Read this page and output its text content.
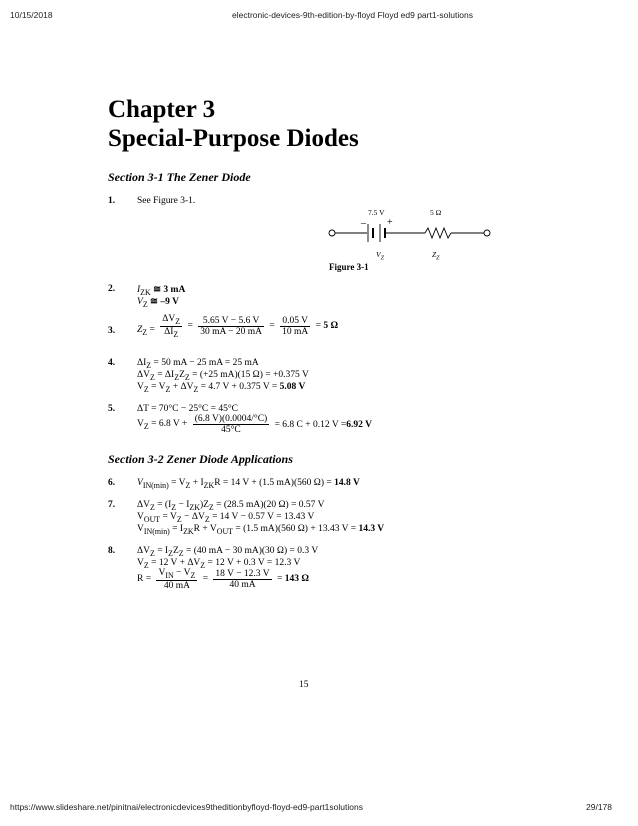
10/15/2018	electronic-devices-9th-edition-by-floyd Floyd ed9 part1-solutions
Chapter 3
Special-Purpose Diodes
Section 3-1 The Zener Diode
1. See Figure 3-1.
7.5 V	5 Ω
– +
$V_Z$	$Z_Z$
Figure 3-1
2. $I_{ZK}$ ≅ 3 mA
$V_Z$ ≅ –9 V
3. $Z_Z$ =
$\Delta V_Z$
$\Delta I_Z$
= $\frac{5.65 V - 5.6 V}{30 mA - 20 mA} = \frac{0.05 V}{10 mA} = 5$ Ω
4. $\Delta I_Z = 50$ mA − 25 mA = 25 mA
$\Delta V_Z = \Delta I_ZZ_Z = (+25$ mA)(15 Ω) = +0.375 V
$V_Z = V_Z + \Delta V_Z = 4.7$ V + 0.375 V = 5.08 V
5. ΔT = 70°C − 25°C = 45°C
$V_Z = 6.8$ $V + \frac{(6.8 V)(0.0004/^\circ C)}{45^\circ C} = 6.8$ C + 0.12 V =6.92 V
Section 3-2 Zener Diode Applications
6. $V_{IN(min)} = V_Z + I_{ZK}R = 14$ V + (1.5 mA)(560 Ω) = 14.8 V
7. $\Delta V_Z = (I_Z - I_{ZK})Z_Z = (28.5$ mA)(20 Ω) = 0.57 V
$V_{OUT} = V_Z - \Delta V_Z = 14$ V − 0.57 V = 13.43 V
$V_{IN(min)} = I_{ZK}R + V_{OUT} = (1.5$ mA)(560 Ω) + 13.43 V = 14.3 V
8. $\Delta V_Z = I_ZZ_Z = (40$ mA − 30 mA)(30 Ω) = 0.3 V
$V_Z = 12$ $V + \Delta V_Z = 12$ V + 0.3 V = 12.3 V
R =
$V_{IN} - V_Z$
40 mA
= $\frac{18 V - 12.3 V}{40 mA} = 143$ Ω
15
https://www.slideshare.net/pinitnai/electronicdevices9theditionbyfloyd-floyd-ed9-part1solutions	29/178
